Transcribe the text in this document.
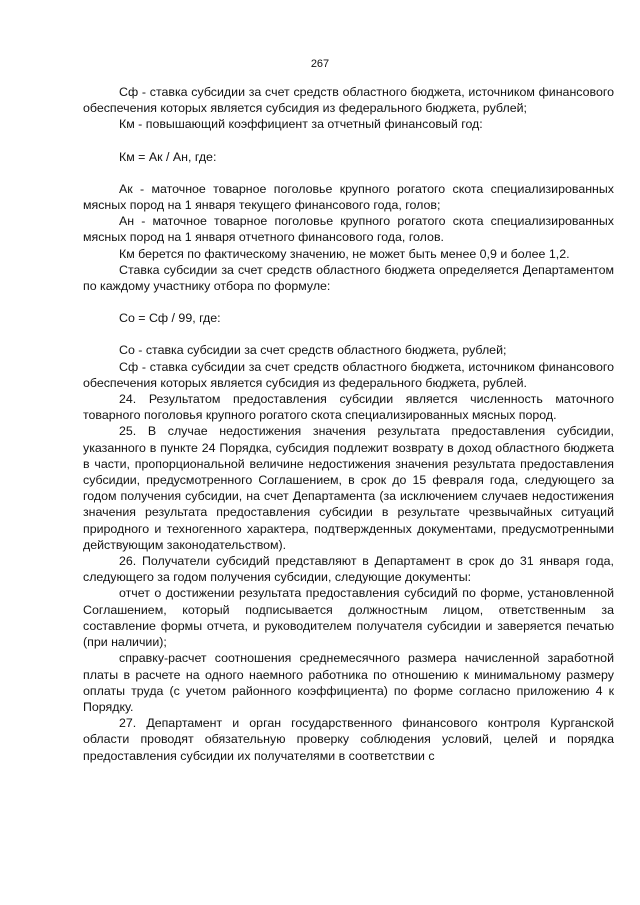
267

Сф - ставка субсидии за счет средств областного бюджета, источником финансового обеспечения которых является субсидия из федерального бюджета, рублей;

Км - повышающий коэффициент за отчетный финансовый год:

Км = Ак / Ан, где:

Ак - маточное товарное поголовье крупного рогатого скота специализированных мясных пород на 1 января текущего финансового года, голов;

Ан - маточное товарное поголовье крупного рогатого скота специализированных мясных пород на 1 января отчетного финансового года, голов.

Км берется по фактическому значению, не может быть менее 0,9 и более 1,2.

Ставка субсидии за счет средств областного бюджета определяется Департаментом по каждому участнику отбора по формуле:

Со = Сф / 99, где:

Со - ставка субсидии за счет средств областного бюджета, рублей;

Сф - ставка субсидии за счет средств областного бюджета, источником финансового обеспечения которых является субсидия из федерального бюджета, рублей.

24. Результатом предоставления субсидии является численность маточного товарного поголовья крупного рогатого скота специализированных мясных пород.

25. В случае недостижения значения результата предоставления субсидии, указанного в пункте 24 Порядка, субсидия подлежит возврату в доход областного бюджета в части, пропорциональной величине недостижения значения результата предоставления субсидии, предусмотренного Соглашением, в срок до 15 февраля года, следующего за годом получения субсидии, на счет Департамента (за исключением случаев недостижения значения результата предоставления субсидии в результате чрезвычайных ситуаций природного и техногенного характера, подтвержденных документами, предусмотренными действующим законодательством).

26. Получатели субсидий представляют в Департамент в срок до 31 января года, следующего за годом получения субсидии, следующие документы:

отчет о достижении результата предоставления субсидий по форме, установленной Соглашением, который подписывается должностным лицом, ответственным за составление формы отчета, и руководителем получателя субсидии и заверяется печатью (при наличии);

справку-расчет соотношения среднемесячного размера начисленной заработной платы в расчете на одного наемного работника по отношению к минимальному размеру оплаты труда (с учетом районного коэффициента) по форме согласно приложению 4 к Порядку.

27. Департамент и орган государственного финансового контроля Курганской области проводят обязательную проверку соблюдения условий, целей и порядка предоставления субсидии их получателями в соответствии с
